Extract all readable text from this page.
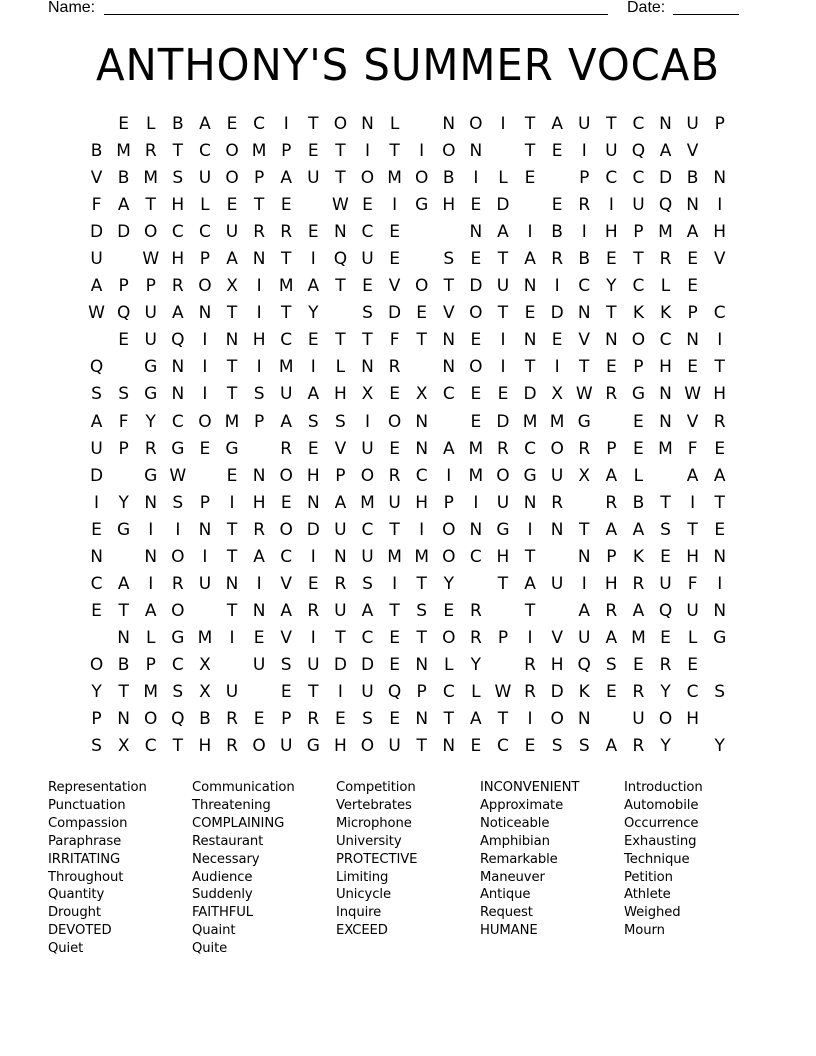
Name:	Date:
ANTHONY'S SUMMER VOCAB
E L B A E C	I	T O N L	N O	I	T A U T C N U P
B M R T C O M P E T	I	T	I	O N	T E	I	U Q A V
V B M S U O P A U T O M O B	I	L E	P C C D B N
F A T H L E T E	W E	I	G H E D	E R	I	U Q N	I
D D O C C U R R E N C E	N A	I	B	I	H P M A H
U	W H P A N T	I	Q U E	S E T A R B E T R E V
A P P R O X	I	M A T E V O T D U N	I	C Y C L E
W Q U A N T	I	T Y	S D E V O T E D N T K K P C
E U Q	I	N H C E T T	F	T N E	I	N E V N O C N	I
Q	G N	I	T	I	M	I	L N R	N O	I	T	I	T E P H E T
S S G N	I	T S U A H X E X C E E D X W R G N W H
A F	Y C O M P A S S	I	O N	E D M M G	E N V R
U P R G E G	R E V U E N A M R C O R P E M F E
D	G W	E N O H P O R C	I	M O G U X A L	A A
I	Y N S P	I	H E N A M U H P	I	U N R	R B T	I	T
E G	I	I	N T R O D U C T	I	O N G	I	N T A A S T E
N	N O	I	T A C	I	N U M M O C H T	N P K E H N
C A	I	R U N	I	V E R S	I	T Y	T A U	I	H R U F	I
E T A O	T N A R U A T S E R	T	A R A Q U N
N L G M	I	E V	I	T C E T O R P	I	V U A M E L G
O B P C X	U S U D D E N L	Y	R H Q S E R E
Y T M S X U	E T	I	U Q P C L W R D K E R Y C S
P N O Q B R E P R E S E N T A T	I	O N	U O H
S X C T H R O U G H O U T N E C E S S A R Y	Y
Representation
Punctuation
Compassion
Paraphrase
IRRITATING
Throughout
Quantity
Drought
DEVOTED
Quiet
Communication
Threatening
COMPLAINING
Restaurant
Necessary
Audience
Suddenly
FAITHFUL
Quaint
Quite
Competition
Vertebrates
Microphone
University
PROTECTIVE
Limiting
Unicycle
Inquire
EXCEED
INCONVENIENT
Approximate
Noticeable
Amphibian
Remarkable
Maneuver
Antique
Request
HUMANE
Introduction
Automobile
Occurrence
Exhausting
Technique
Petition
Athlete
Weighed
Mourn
